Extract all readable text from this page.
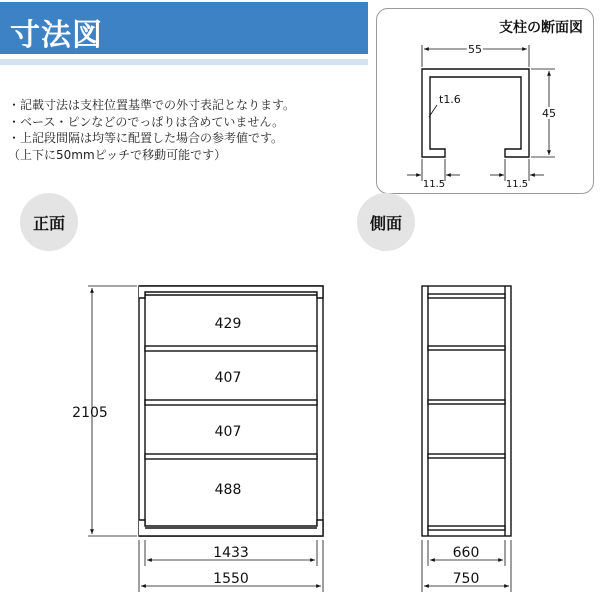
寸法図
・記載寸法は支柱位置基準での外寸表記となります。
・ベース・ピンなどのでっぱりは含めていません。
・上記段間隔は均等に配置した場合の参考値です。
（上下に50mmピッチで移動可能です）
支柱の断面図
55
t1.6
45
11.5	11.5
正面	側面
429
407
407
488
2105
1433
1550
660
750
